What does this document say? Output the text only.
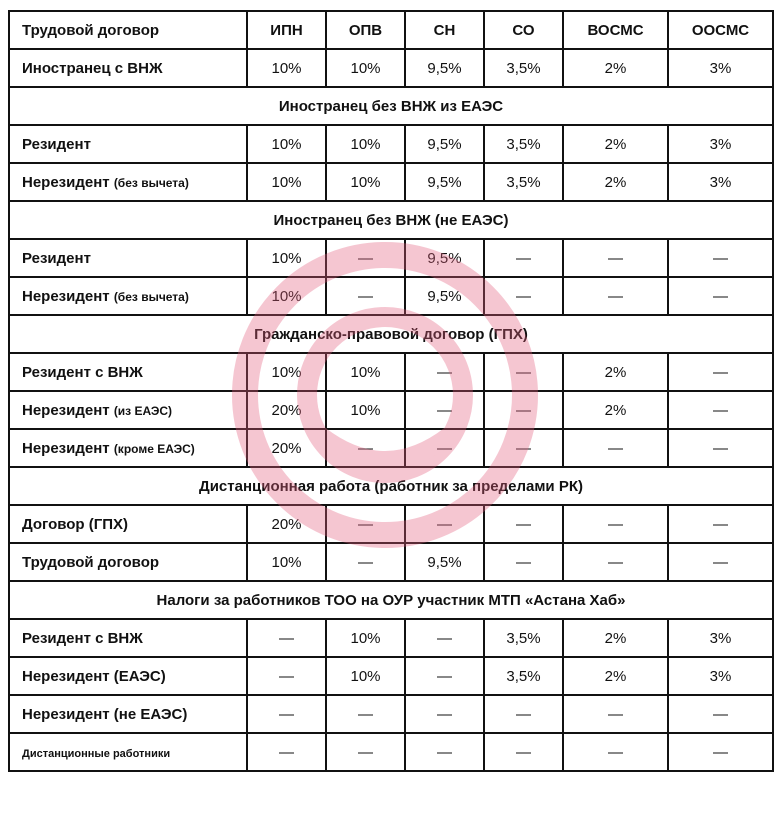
Трудовой договор	ИПН	ОПВ	СН	СО	ВОСМС	ООСМС
Иностранец с ВНЖ	10%	10%	9,5%	3,5%	2%	3%
Иностранец без ВНЖ из ЕАЭС						
Резидент	10%	10%	9,5%	3,5%	2%	3%
Нерезидент (без вычета)	10%	10%	9,5%	3,5%	2%	3%
Иностранец без ВНЖ (не ЕАЭС)						
Резидент	10%	—	9,5%	—	—	—
Нерезидент (без вычета)	10%	—	9,5%	—	—	—
Гражданско-правовой договор (ГПХ)						
Резидент с ВНЖ	10%	10%	—	—	2%	—
Нерезидент (из ЕАЭС)	20%	10%	—	—	2%	—
Нерезидент (кроме ЕАЭС)	20%	—	—	—	—	—
Дистанционная работа (работник за пределами РК)						
Договор (ГПХ)	20%	—	—	—	—	—
Трудовой договор	10%	—	9,5%	—	—	—
Налоги за работников ТОО на ОУР участник МТП «Астана Хаб»						
Резидент с ВНЖ	—	10%	—	3,5%	2%	3%
Нерезидент (ЕАЭС)	—	10%	—	3,5%	2%	3%
Нерезидент (не ЕАЭС)	—	—	—	—	—	—
Дистанционные работники	—	—	—	—	—	—
